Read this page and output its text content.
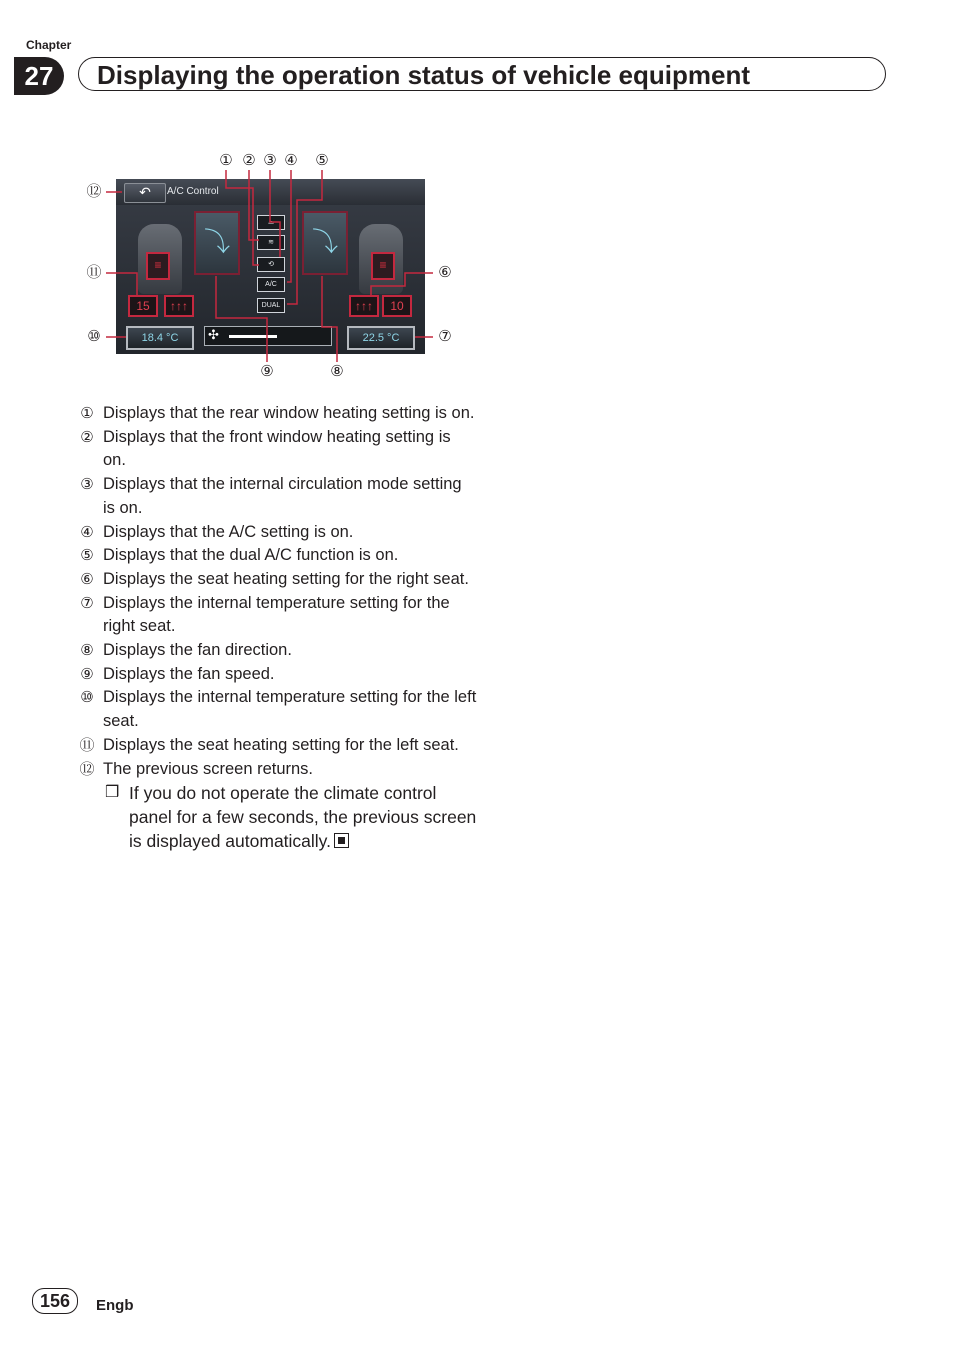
Chapter
27	Displaying the operation status of vehicle equipment
↶	A/C Control
⤵	⤵
⌓
≋
⟲
A/C
DUAL
≡	≡
15	↑↑↑	↑↑↑	10
18.4 °C	✣	22.5 °C
① ② ③ ④ ⑤
⑥
⑦
⑧
⑨
⑩
⑪
⑫
① Displays that the rear window heating setting is on.
② Displays that the front window heating setting is on.
③ Displays that the internal circulation mode setting is on.
④ Displays that the A/C setting is on.
⑤ Displays that the dual A/C function is on.
⑥ Displays the seat heating setting for the right seat.
⑦ Displays the internal temperature setting for the right seat.
⑧ Displays the fan direction.
⑨ Displays the fan speed.
⑩ Displays the internal temperature setting for the left seat.
⑪ Displays the seat heating setting for the left seat.
⑫ The previous screen returns.
❒ If you do not operate the climate control panel for a few seconds, the previous screen is displayed automatically.
156	Engb
